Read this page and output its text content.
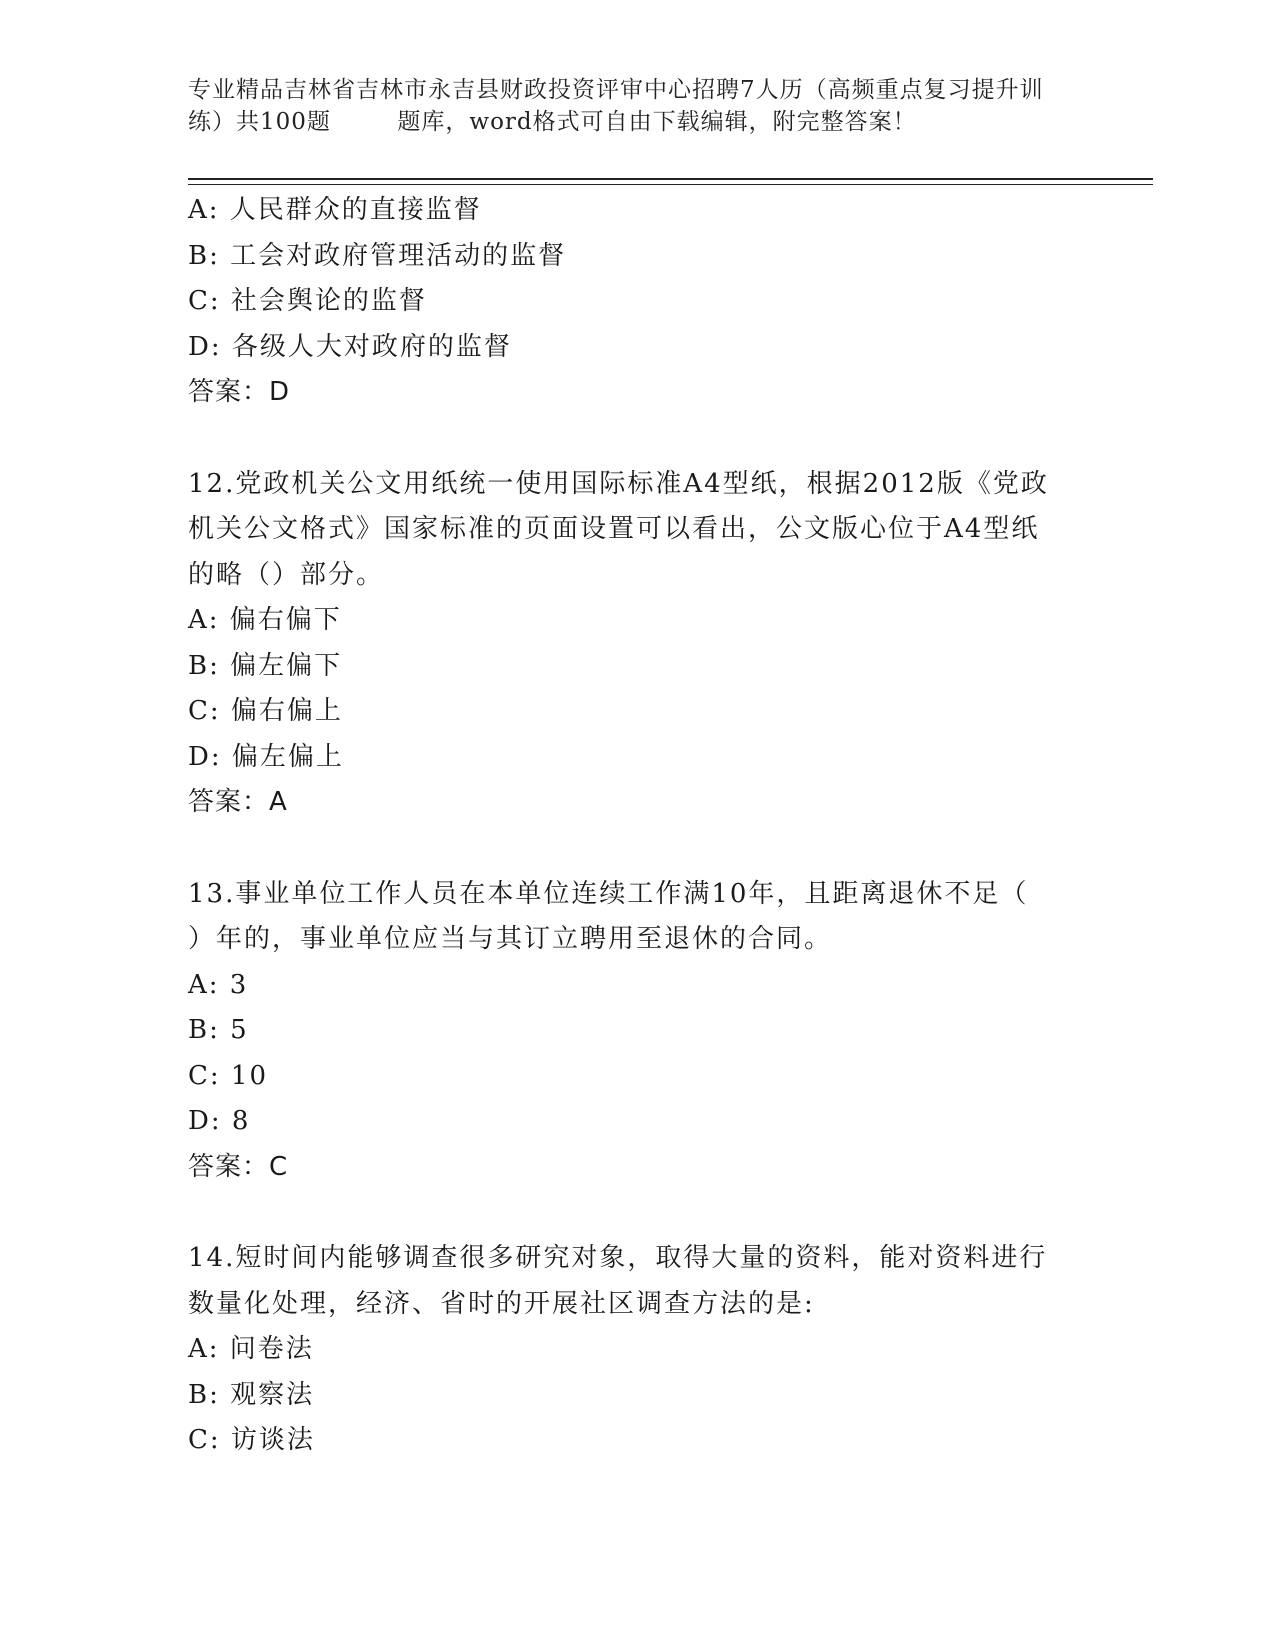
专业精品吉林省吉林市永吉县财政投资评审中心招聘7人历（高频重点复习提升训
练）共100题        题库，word格式可自由下载编辑，附完整答案！
A: 人民群众的直接监督
B: 工会对政府管理活动的监督
C: 社会舆论的监督
D: 各级人大对政府的监督
答案：D
12.党政机关公文用纸统一使用国际标准A4型纸，根据2012版《党政
机关公文格式》国家标准的页面设置可以看出，公文版心位于A4型纸
的略（）部分。
A: 偏右偏下
B: 偏左偏下
C: 偏右偏上
D: 偏左偏上
答案：A
13.事业单位工作人员在本单位连续工作满10年，且距离退休不足（
）年的，事业单位应当与其订立聘用至退休的合同。
A: 3
B: 5
C: 10
D: 8
答案：C
14.短时间内能够调查很多研究对象，取得大量的资料，能对资料进行
数量化处理，经济、省时的开展社区调查方法的是:
A: 问卷法
B: 观察法
C: 访谈法
